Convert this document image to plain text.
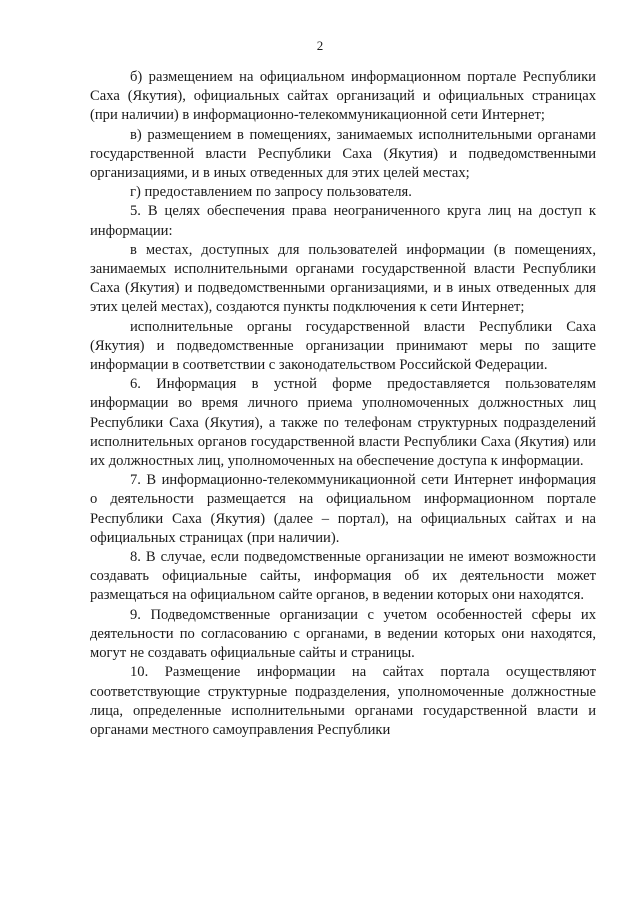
2

б) размещением на официальном информационном портале Республики Саха (Якутия), официальных сайтах организаций и официальных страницах (при наличии) в информационно-телекоммуникационной сети Интернет;

в) размещением в помещениях, занимаемых исполнительными органами государственной власти Республики Саха (Якутия) и подведомственными организациями, и в иных отведенных для этих целей местах;

г) предоставлением по запросу пользователя.

5. В целях обеспечения права неограниченного круга лиц на доступ к информации:

в местах, доступных для пользователей информации (в помещениях, занимаемых исполнительными органами государственной власти Республики Саха (Якутия) и подведомственными организациями, и в иных отведенных для этих целей местах), создаются пункты подключения к сети Интернет;

исполнительные органы государственной власти Республики Саха (Якутия) и подведомственные организации принимают меры по защите информации в соответствии с законодательством Российской Федерации.

6. Информация в устной форме предоставляется пользователям информации во время личного приема уполномоченных должностных лиц Республики Саха (Якутия), а также по телефонам структурных подразделений исполнительных органов государственной власти Республики Саха (Якутия) или их должностных лиц, уполномоченных на обеспечение доступа к информации.

7. В информационно-телекоммуникационной сети Интернет информация о деятельности размещается на официальном информационном портале Республики Саха (Якутия) (далее – портал), на официальных сайтах и на официальных страницах (при наличии).

8. В случае, если подведомственные организации не имеют возможности создавать официальные сайты, информация об их деятельности может размещаться на официальном сайте органов, в ведении которых они находятся.

9. Подведомственные организации с учетом особенностей сферы их деятельности по согласованию с органами, в ведении которых они находятся, могут не создавать официальные сайты и страницы.

10. Размещение информации на сайтах портала осуществляют соответствующие структурные подразделения, уполномоченные должностные лица, определенные исполнительными органами государственной власти и органами местного самоуправления Республики
